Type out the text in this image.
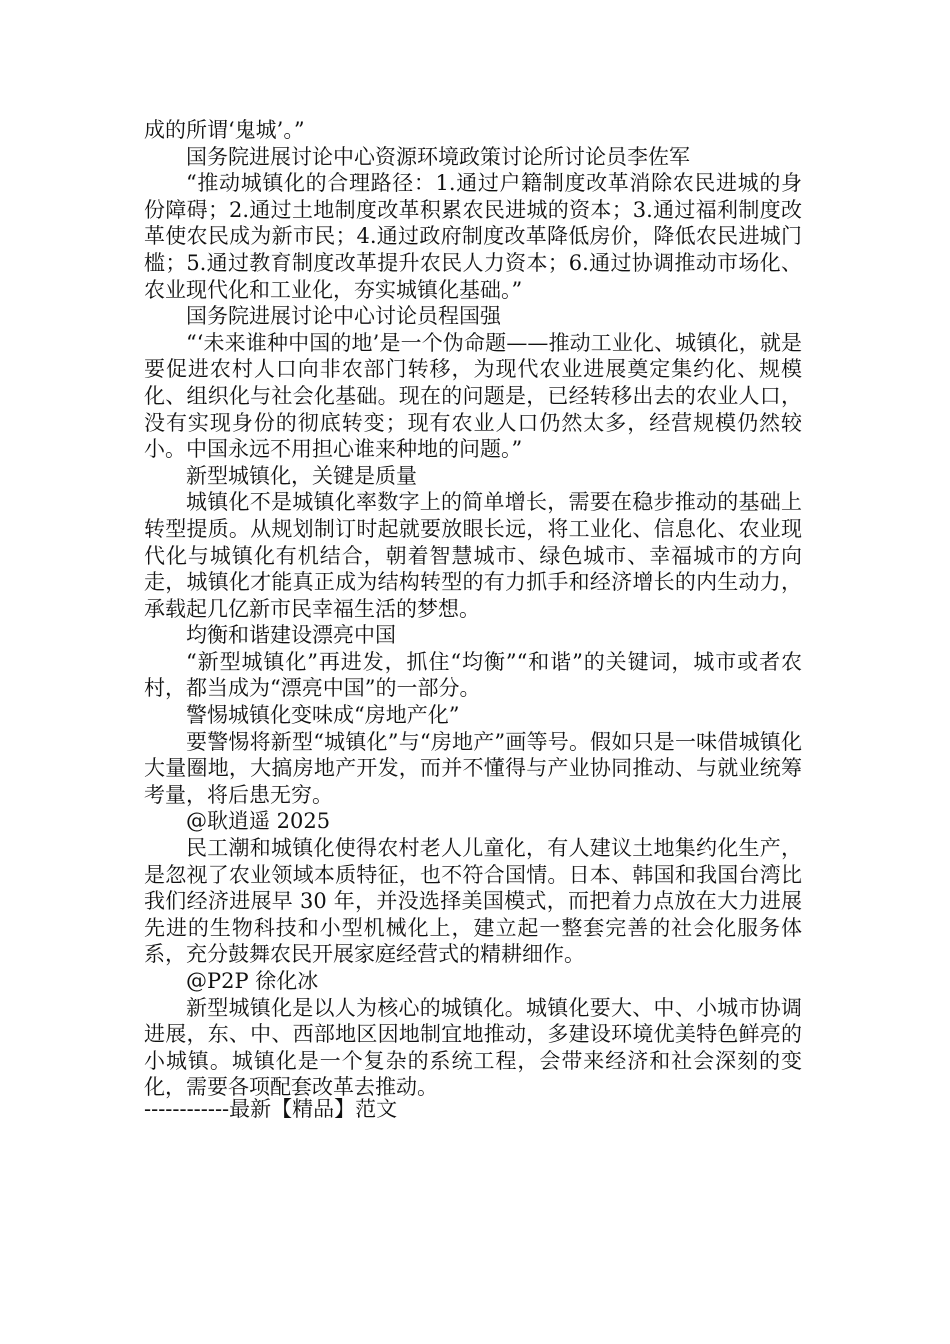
成的所谓‘鬼城’。”

国务院进展讨论中心资源环境政策讨论所讨论员李佐军

“推动城镇化的合理路径：1.通过户籍制度改革消除农民进城的身份障碍；2.通过土地制度改革积累农民进城的资本；3.通过福利制度改革使农民成为新市民；4.通过政府制度改革降低房价，降低农民进城门槛；5.通过教育制度改革提升农民人力资本；6.通过协调推动市场化、农业现代化和工业化，夯实城镇化基础。”

国务院进展讨论中心讨论员程国强

“‘未来谁种中国的地’是一个伪命题——推动工业化、城镇化，就是要促进农村人口向非农部门转移，为现代农业进展奠定集约化、规模化、组织化与社会化基础。现在的问题是，已经转移出去的农业人口，没有实现身份的彻底转变；现有农业人口仍然太多，经营规模仍然较小。中国永远不用担心谁来种地的问题。”

新型城镇化，关键是质量

城镇化不是城镇化率数字上的简单增长，需要在稳步推动的基础上转型提质。从规划制订时起就要放眼长远，将工业化、信息化、农业现代化与城镇化有机结合，朝着智慧城市、绿色城市、幸福城市的方向走，城镇化才能真正成为结构转型的有力抓手和经济增长的内生动力，承载起几亿新市民幸福生活的梦想。

均衡和谐建设漂亮中国

“新型城镇化”再进发，抓住“均衡”“和谐”的关键词，城市或者农村，都当成为“漂亮中国”的一部分。

警惕城镇化变味成“房地产化”

要警惕将新型“城镇化”与“房地产”画等号。假如只是一味借城镇化大量圈地，大搞房地产开发，而并不懂得与产业协同推动、与就业统筹考量，将后患无穷。

@耿逍遥 2025

民工潮和城镇化使得农村老人儿童化，有人建议土地集约化生产，是忽视了农业领域本质特征，也不符合国情。日本、韩国和我国台湾比我们经济进展早 30 年，并没选择美国模式，而把着力点放在大力进展先进的生物科技和小型机械化上，建立起一整套完善的社会化服务体系，充分鼓舞农民开展家庭经营式的精耕细作。

@P2P 徐化冰

新型城镇化是以人为核心的城镇化。城镇化要大、中、小城市协调进展，东、中、西部地区因地制宜地推动，多建设环境优美特色鲜亮的小城镇。城镇化是一个复杂的系统工程，会带来经济和社会深刻的变化，需要各项配套改革去推动。

------------最新【精品】范文
